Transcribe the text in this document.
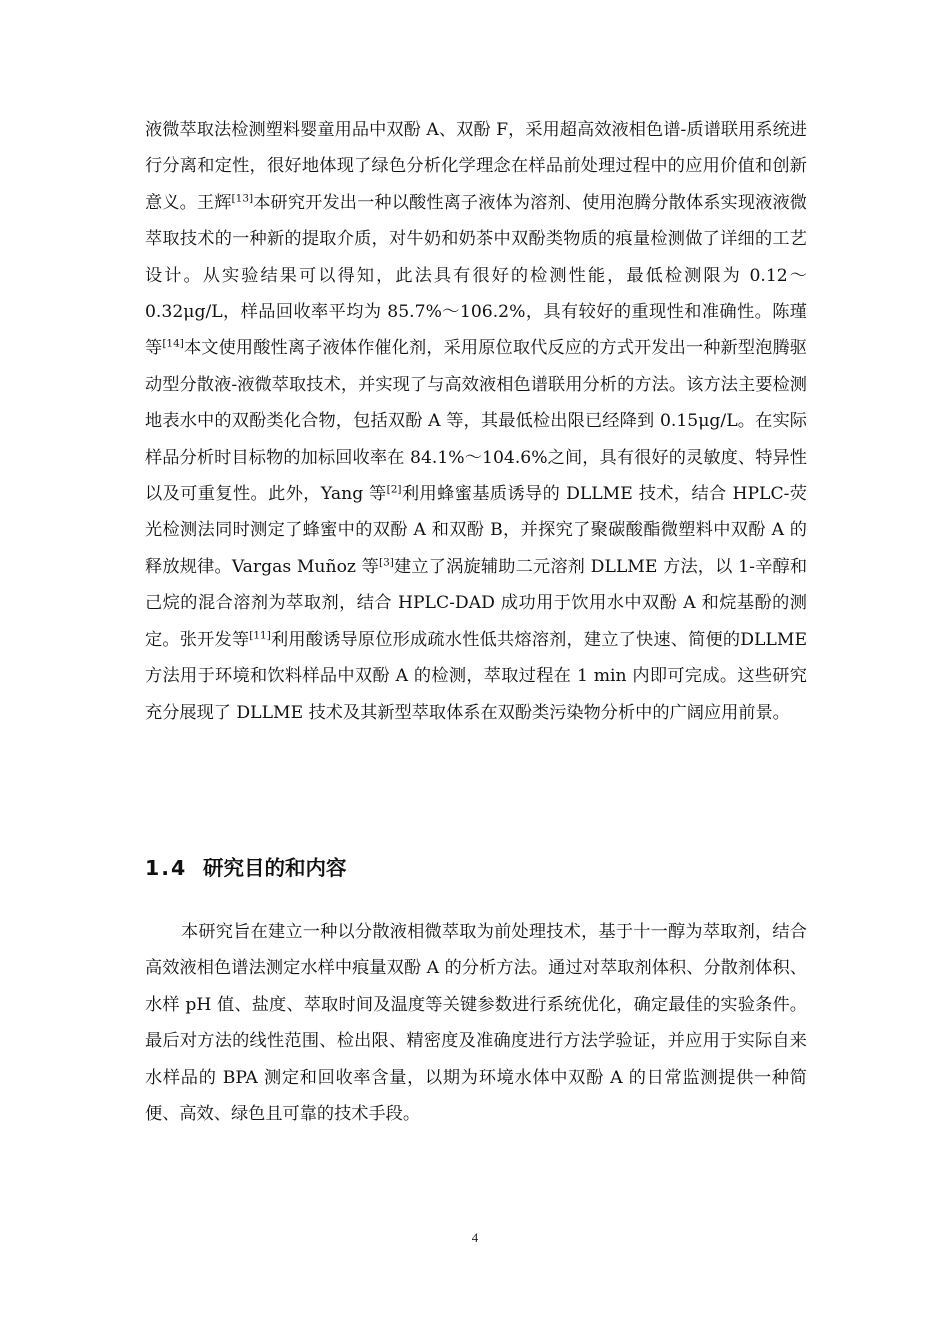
液微萃取法检测塑料婴童用品中双酚 A、双酚 F，采用超高效液相色谱-质谱联用系统进行分离和定性，很好地体现了绿色分析化学理念在样品前处理过程中的应用价值和创新意义。王辉[13]本研究开发出一种以酸性离子液体为溶剂、使用泡腾分散体系实现液液微萃取技术的一种新的提取介质，对牛奶和奶茶中双酚类物质的痕量检测做了详细的工艺设计。从实验结果可以得知，此法具有很好的检测性能，最低检测限为 0.12～0.32μg/L，样品回收率平均为 85.7%～106.2%，具有较好的重现性和准确性。陈瑾等[14]本文使用酸性离子液体作催化剂，采用原位取代反应的方式开发出一种新型泡腾驱动型分散液-液微萃取技术，并实现了与高效液相色谱联用分析的方法。该方法主要检测地表水中的双酚类化合物，包括双酚 A 等，其最低检出限已经降到 0.15μg/L。在实际样品分析时目标物的加标回收率在 84.1%～104.6%之间，具有很好的灵敏度、特异性以及可重复性。此外，Yang 等[2]利用蜂蜜基质诱导的 DLLME 技术，结合 HPLC-荧光检测法同时测定了蜂蜜中的双酚 A 和双酚 B，并探究了聚碳酸酯微塑料中双酚 A 的释放规律。Vargas Muñoz 等[3]建立了涡旋辅助二元溶剂 DLLME 方法，以 1-辛醇和己烷的混合溶剂为萃取剂，结合 HPLC-DAD 成功用于饮用水中双酚 A 和烷基酚的测定。张开发等[11]利用酸诱导原位形成疏水性低共熔溶剂，建立了快速、简便的DLLME方法用于环境和饮料样品中双酚 A 的检测，萃取过程在 1 min 内即可完成。这些研究充分展现了 DLLME 技术及其新型萃取体系在双酚类污染物分析中的广阔应用前景。

1.4 研究目的和内容

本研究旨在建立一种以分散液相微萃取为前处理技术，基于十一醇为萃取剂，结合高效液相色谱法测定水样中痕量双酚 A 的分析方法。通过对萃取剂体积、分散剂体积、水样 pH 值、盐度、萃取时间及温度等关键参数进行系统优化，确定最佳的实验条件。最后对方法的线性范围、检出限、精密度及准确度进行方法学验证，并应用于实际自来水样品的 BPA 测定和回收率含量，以期为环境水体中双酚 A 的日常监测提供一种简便、高效、绿色且可靠的技术手段。

4
